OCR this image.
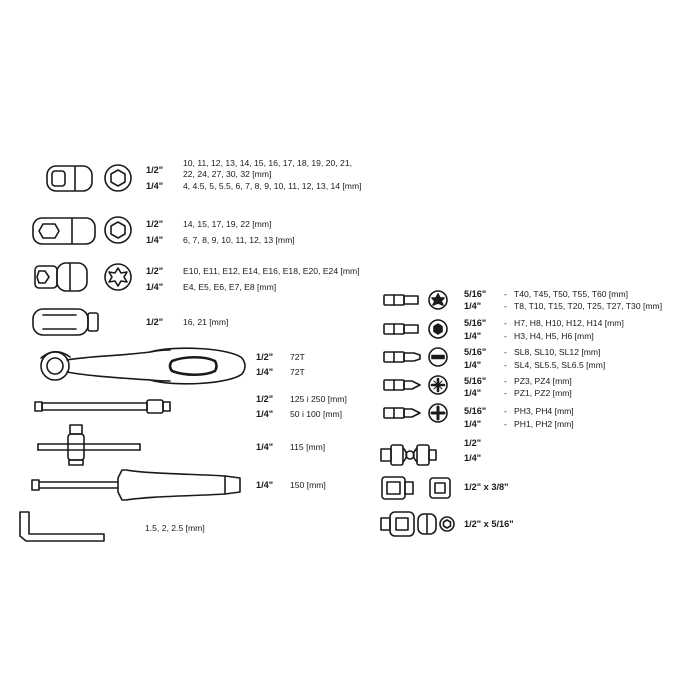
1/2"
10, 11, 12, 13, 14, 15, 16, 17, 18, 19, 20, 21,
22, 24, 27, 30, 32 [mm]
1/4" 4, 4.5, 5, 5.5, 6, 7, 8, 9, 10, 11, 12, 13, 14 [mm]
1/2" 14, 15, 17, 19, 22 [mm]
1/4" 6, 7, 8, 9, 10, 11, 12, 13 [mm]
1/2" E10, E11, E12, E14, E16, E18, E20, E24 [mm]
1/4" E4, E5, E6, E7, E8 [mm]
1/2" 16, 21 [mm]
1/2" 72T
1/4" 72T
1/2" 125 i 250 [mm]
1/4" 50 i 100 [mm]
1/4" 115 [mm]
1/4" 150 [mm]
1.5, 2, 2.5 [mm]
5/16" - T40, T45, T50, T55, T60 [mm]
1/4"	- T8, T10, T15, T20, T25, T27, T30 [mm]
5/16" - H7, H8, H10, H12, H14 [mm]
1/4"	- H3, H4, H5, H6 [mm]
5/16" - SL8, SL10, SL12 [mm]
1/4"	- SL4, SL5.5, SL6.5 [mm]
5/16" - PZ3, PZ4 [mm]
1/4"	- PZ1, PZ2 [mm]
5/16" - PH3, PH4 [mm]
1/4"	- PH1, PH2 [mm]
1/2"
1/4"
1/2" x 3/8"
1/2" x 5/16"
